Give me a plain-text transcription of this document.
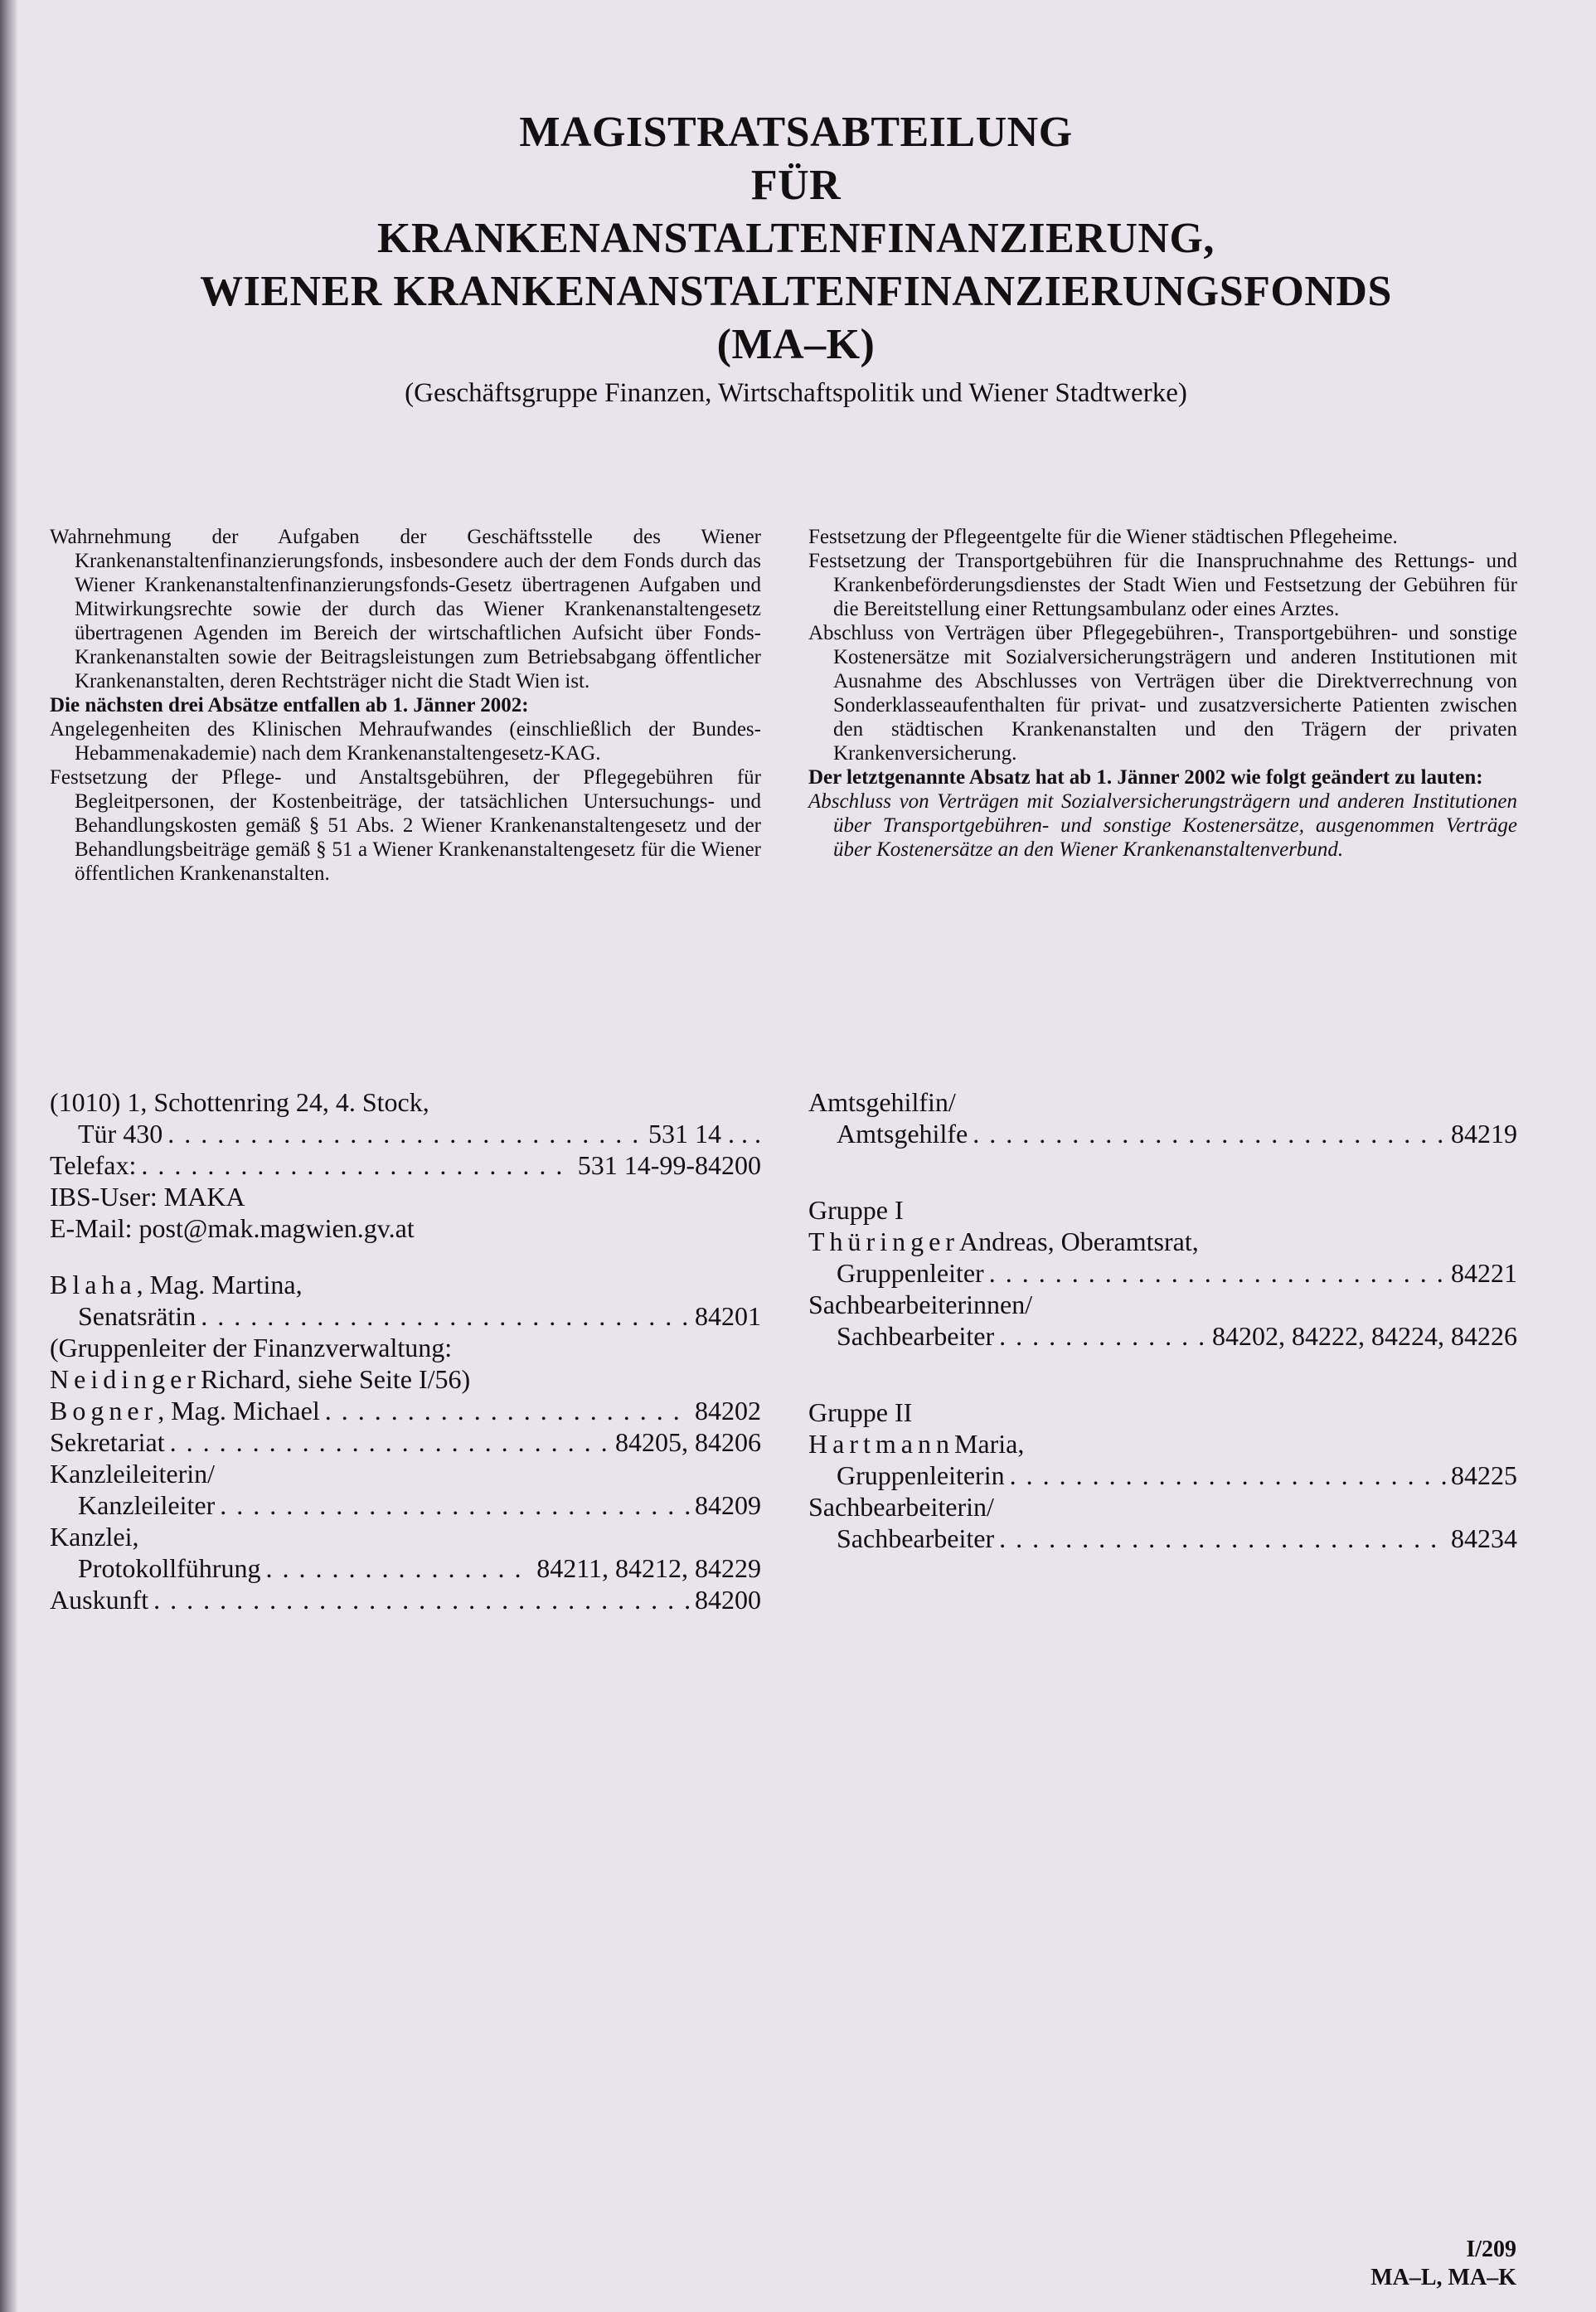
MAGISTRATSABTEILUNG

FÜR

KRANKENANSTALTENFINANZIERUNG,

WIENER KRANKENANSTALTENFINANZIERUNGSFONDS

(MA–K)

(Geschäftsgruppe Finanzen, Wirtschaftspolitik und Wiener Stadtwerke)

Wahrnehmung der Aufgaben der Geschäftsstelle des Wiener Krankenanstaltenfinanzierungsfonds, insbesondere auch der dem Fonds durch das Wiener Krankenanstaltenfinanzierungsfonds-Gesetz übertragenen Aufgaben und Mitwirkungsrechte sowie der durch das Wiener Krankenanstaltengesetz übertragenen Agenden im Bereich der wirtschaftlichen Aufsicht über Fonds-Krankenanstalten sowie der Beitragsleistungen zum Betriebsabgang öffentlicher Krankenanstalten, deren Rechtsträger nicht die Stadt Wien ist.

Die nächsten drei Absätze entfallen ab 1. Jänner 2002:

Angelegenheiten des Klinischen Mehraufwandes (einschließlich der Bundes-Hebammenakademie) nach dem Krankenanstaltengesetz-KAG.

Festsetzung der Pflege- und Anstaltsgebühren, der Pflegegebühren für Begleitpersonen, der Kostenbeiträge, der tatsächlichen Untersuchungs- und Behandlungskosten gemäß § 51 Abs. 2 Wiener Krankenanstaltengesetz und der Behandlungsbeiträge gemäß § 51 a Wiener Krankenanstaltengesetz für die Wiener öffentlichen Krankenanstalten.

Festsetzung der Pflegeentgelte für die Wiener städtischen Pflegeheime.

Festsetzung der Transportgebühren für die Inanspruchnahme des Rettungs- und Krankenbeförderungsdienstes der Stadt Wien und Festsetzung der Gebühren für die Bereitstellung einer Rettungsambulanz oder eines Arztes.

Abschluss von Verträgen über Pflegegebühren-, Transportgebühren- und sonstige Kostenersätze mit Sozialversicherungsträgern und anderen Institutionen mit Ausnahme des Abschlusses von Verträgen über die Direktverrechnung von Sonderklasseaufenthalten für privat- und zusatzversicherte Patienten zwischen den städtischen Krankenanstalten und den Trägern der privaten Krankenversicherung.

Der letztgenannte Absatz hat ab 1. Jänner 2002 wie folgt geändert zu lauten:

Abschluss von Verträgen mit Sozialversicherungsträgern und anderen Institutionen über Transportgebühren- und sonstige Kostenersätze, ausgenommen Verträge über Kostenersätze an den Wiener Krankenanstaltenverbund.

(1010) 1, Schottenring 24, 4. Stock,
Tür 430 . . .	531 14 . . .
Telefax: . . .	531 14-99-84200
IBS-User: MAKA
E-Mail: post@mak.magwien.gv.at
Blaha , Mag. Martina,
Senatsrätin . . .	84201
(Gruppenleiter der Finanzverwaltung:
Neidinger Richard, siehe Seite I/56)
Bogner , Mag. Michael . . .	84202
Sekretariat . . .	84205, 84206
Kanzleileiterin/
Kanzleileiter . . .	84209
Kanzlei,
Protokollführung . . .	84211, 84212, 84229
Auskunft . . .	84200
Amtsgehilfin/
Amtsgehilfe . . .	84219
Gruppe I
Thüringer Andreas, Oberamtsrat,
Gruppenleiter . . .	84221
Sachbearbeiterinnen/
Sachbearbeiter . . .	84202, 84222, 84224, 84226
Gruppe II
Hartmann Maria,
Gruppenleiterin . . .	84225
Sachbearbeiterin/
Sachbearbeiter . . .	84234
I/209
MA–L, MA–K
